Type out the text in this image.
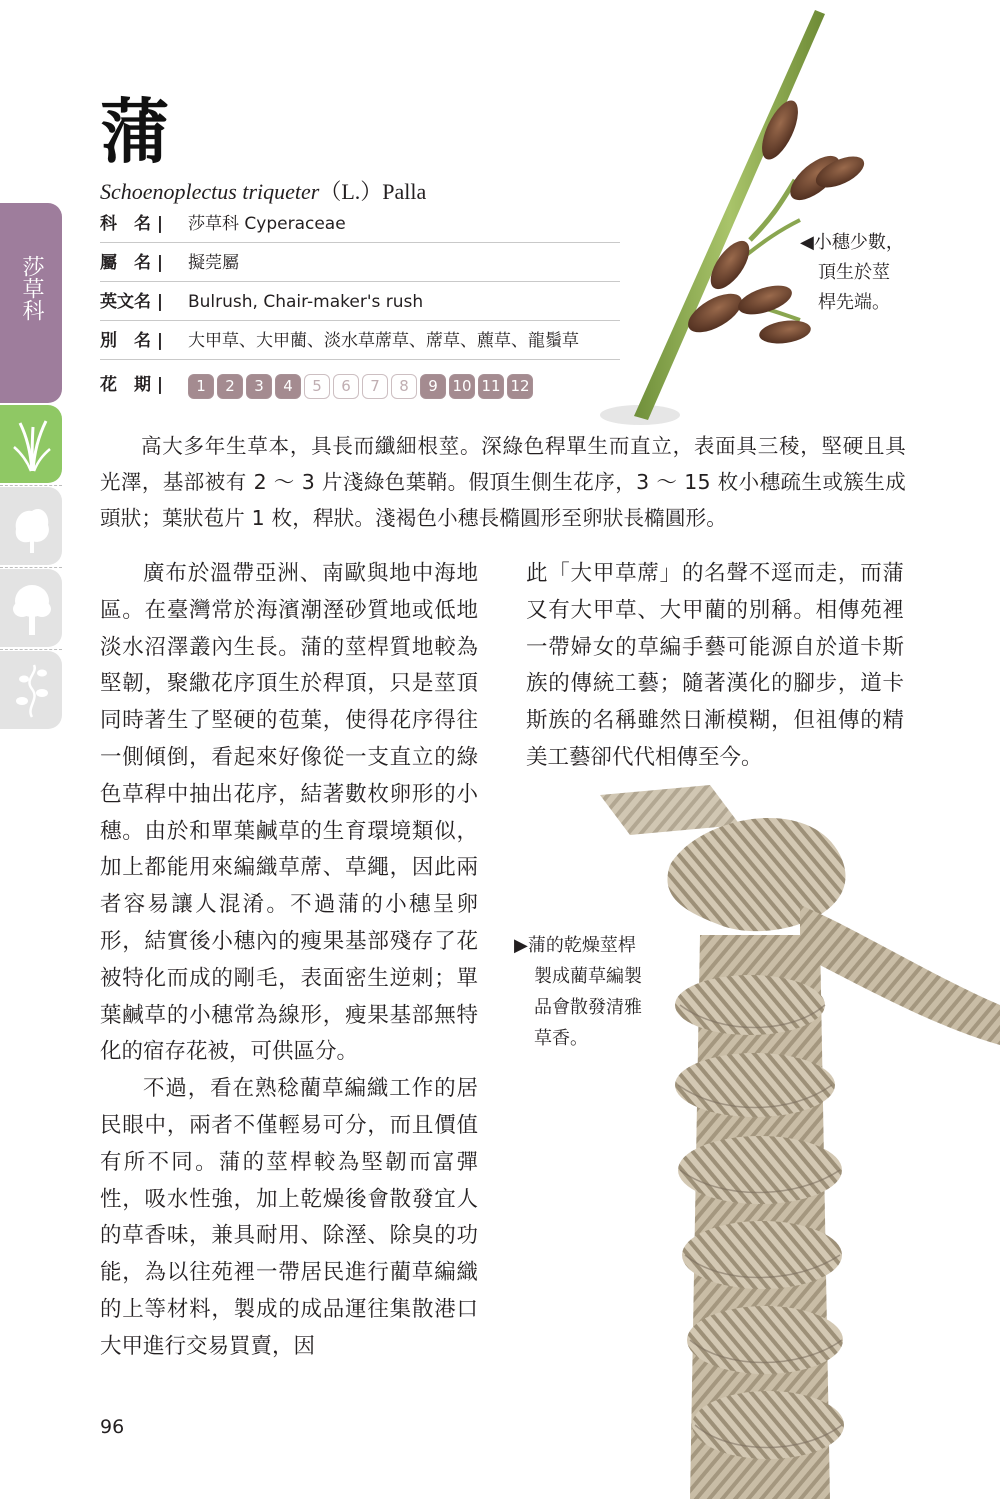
莎草科
蒲
Schoenoplectus triqueter（L.）Palla
科　名 | 莎草科 Cyperaceae
屬　名 | 擬莞屬
英文名 | Bulrush, Chair-maker's rush
別　名 | 大甲草、大甲藺、淡水草蓆草、蓆草、藨草、龍鬚草
花　期 |	1	2	3	4	5	6	7	8	9 10 11 12
◀小穗少數，
頂生於莖
桿先端。
高大多年生草本，具長而纖細根莖。深綠色稈單生而直立，表面具三稜，堅硬且具光澤，基部被有 2 ～ 3 片淺綠色葉鞘。假頂生側生花序，3 ～ 15 枚小穗疏生或簇生成頭狀；葉狀苞片 1 枚，稈狀。淺褐色小穗長橢圓形至卵狀長橢圓形。

廣布於溫帶亞洲、南歐與地中海地區。在臺灣常於海濱潮溼砂質地或低地淡水沼澤叢內生長。蒲的莖桿質地較為堅韌，聚繖花序頂生於稈頂，只是莖頂同時著生了堅硬的苞葉，使得花序得往一側傾倒，看起來好像從一支直立的綠色草稈中抽出花序，結著數枚卵形的小穗。由於和單葉鹹草的生育環境類似，加上都能用來編織草蓆、草繩，因此兩者容易讓人混淆。不過蒲的小穗呈卵形，結實後小穗內的瘦果基部殘存了花被特化而成的剛毛，表面密生逆刺；單葉鹹草的小穗常為線形，瘦果基部無特化的宿存花被，可供區分。

不過，看在熟稔藺草編織工作的居民眼中，兩者不僅輕易可分，而且價值有所不同。蒲的莖桿較為堅韌而富彈性，吸水性強，加上乾燥後會散發宜人的草香味，兼具耐用、除溼、除臭的功能，為以往苑裡一帶居民進行藺草編織的上等材料，製成的成品運往集散港口大甲進行交易買賣，因

此「大甲草蓆」的名聲不逕而走，而蒲又有大甲草、大甲藺的別稱。相傳苑裡一帶婦女的草編手藝可能源自於道卡斯族的傳統工藝；隨著漢化的腳步，道卡斯族的名稱雖然日漸模糊，但祖傳的精美工藝卻代代相傳至今。

▶蒲的乾燥莖桿
製成藺草編製
品會散發清雅
草香。
96
